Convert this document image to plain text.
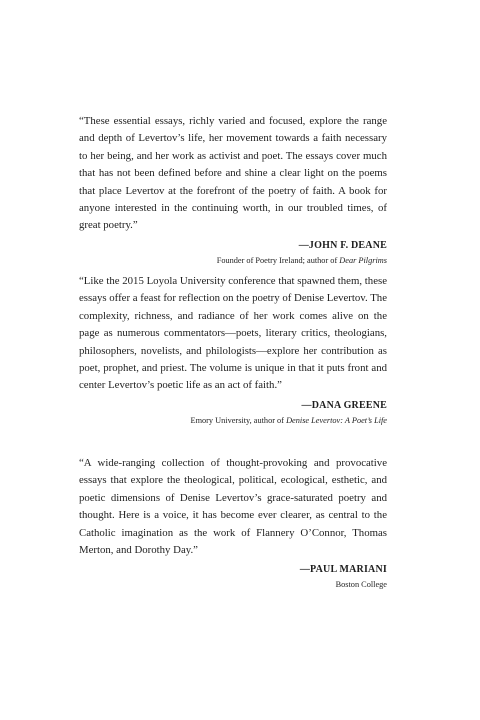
“These essential essays, richly varied and focused, explore the range and depth of Levertov’s life, her movement towards a faith necessary to her being, and her work as activist and poet. The essays cover much that has not been defined before and shine a clear light on the poems that place Levertov at the forefront of the poetry of faith. A book for anyone interested in the continuing worth, in our troubled times, of great poetry.”

—JOHN F. DEANE

Founder of Poetry Ireland; author of Dear Pilgrims

“Like the 2015 Loyola University conference that spawned them, these essays offer a feast for reflection on the poetry of Denise Levertov. The complexity, richness, and radiance of her work comes alive on the page as numerous commentators—poets, literary critics, theologians, philosophers, novelists, and philologists—explore her contribution as poet, prophet, and priest. The volume is unique in that it puts front and center Levertov’s poetic life as an act of faith.”

—DANA GREENE

Emory University, author of Denise Levertov: A Poet’s Life

“A wide-ranging collection of thought-provoking and provocative essays that explore the theological, political, ecological, esthetic, and poetic dimensions of Denise Levertov’s grace-saturated poetry and thought. Here is a voice, it has become ever clearer, as central to the Catholic imagination as the work of Flannery O’Connor, Thomas Merton, and Dorothy Day.”

—PAUL MARIANI

Boston College
